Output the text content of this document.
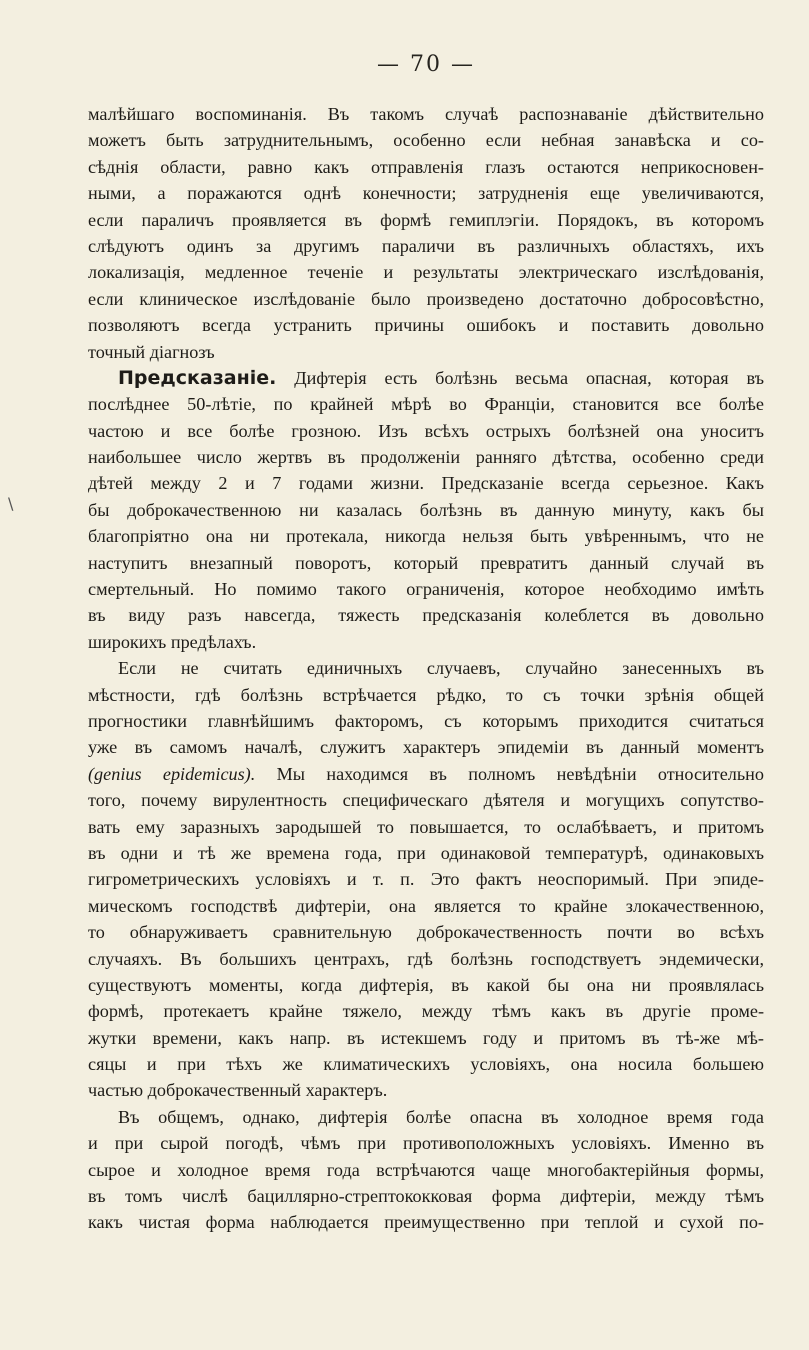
\
— 70 —
малѣйшаго воспоминанія. Въ такомъ случаѣ распознаваніе дѣйствительно
можетъ быть затруднительнымъ, особенно если небная занавѣска и со-
сѣднія области, равно какъ отправленія глазъ остаются неприкосновен-
ными, а поражаются однѣ конечности; затрудненія еще увеличиваются,
если параличъ проявляется въ формѣ гемиплэгіи. Порядокъ, въ которомъ
слѣдуютъ одинъ за другимъ параличи въ различныхъ областяхъ, ихъ
локализація, медленное теченіе и результаты электрическаго изслѣдованія,
если клиническое изслѣдованіе было произведено достаточно добросовѣстно,
позволяютъ всегда устранить причины ошибокъ и поставить довольно
точный діагнозъ
Предсказаніе. Дифтерія есть болѣзнь весьма опасная, которая въ
послѣднее 50-лѣтіе, по крайней мѣрѣ во Франціи, становится все болѣе
частою и все болѣе грозною. Изъ всѣхъ острыхъ болѣзней она уноситъ
наибольшее число жертвъ въ продолженіи ранняго дѣтства, особенно среди
дѣтей между 2 и 7 годами жизни. Предсказаніе всегда серьезное. Какъ
бы доброкачественною ни казалась болѣзнь въ данную минуту, какъ бы
благопріятно она ни протекала, никогда нельзя быть увѣреннымъ, что не
наступитъ внезапный поворотъ, который превратитъ данный случай въ
смертельный. Но помимо такого ограниченія, которое необходимо имѣть
въ виду разъ навсегда, тяжесть предсказанія колеблется въ довольно
широкихъ предѣлахъ.
Если не считать единичныхъ случаевъ, случайно занесенныхъ въ
мѣстности, гдѣ болѣзнь встрѣчается рѣдко, то съ точки зрѣнія общей
прогностики главнѣйшимъ факторомъ, съ которымъ приходится считаться
уже въ самомъ началѣ, служитъ характеръ эпидеміи въ данный моментъ
(genius epidemicus). Мы находимся въ полномъ невѣдѣніи относительно
того, почему вирулентность специфическаго дѣятеля и могущихъ сопутство-
вать ему заразныхъ зародышей то повышается, то ослабѣваетъ, и притомъ
въ одни и тѣ же времена года, при одинаковой температурѣ, одинаковыхъ
гигрометрическихъ условіяхъ и т. п. Это фактъ неоспоримый. При эпиде-
мическомъ господствѣ дифтеріи, она является то крайне злокачественною,
то обнаруживаетъ сравнительную доброкачественность почти во всѣхъ
случаяхъ. Въ большихъ центрахъ, гдѣ болѣзнь господствуетъ эндемически,
существуютъ моменты, когда дифтерія, въ какой бы она ни проявлялась
формѣ, протекаетъ крайне тяжело, между тѣмъ какъ въ другіе проме-
жутки времени, какъ напр. въ истекшемъ году и притомъ въ тѣ-же мѣ-
сяцы и при тѣхъ же климатическихъ условіяхъ, она носила большею
частью доброкачественный характеръ.
Въ общемъ, однако, дифтерія болѣе опасна въ холодное время года
и при сырой погодѣ, чѣмъ при противоположныхъ условіяхъ. Именно въ
сырое и холодное время года встрѣчаются чаще многобактерійныя формы,
въ томъ числѣ бациллярно-стрептококковая форма дифтеріи, между тѣмъ
какъ чистая форма наблюдается преимущественно при теплой и сухой по-
